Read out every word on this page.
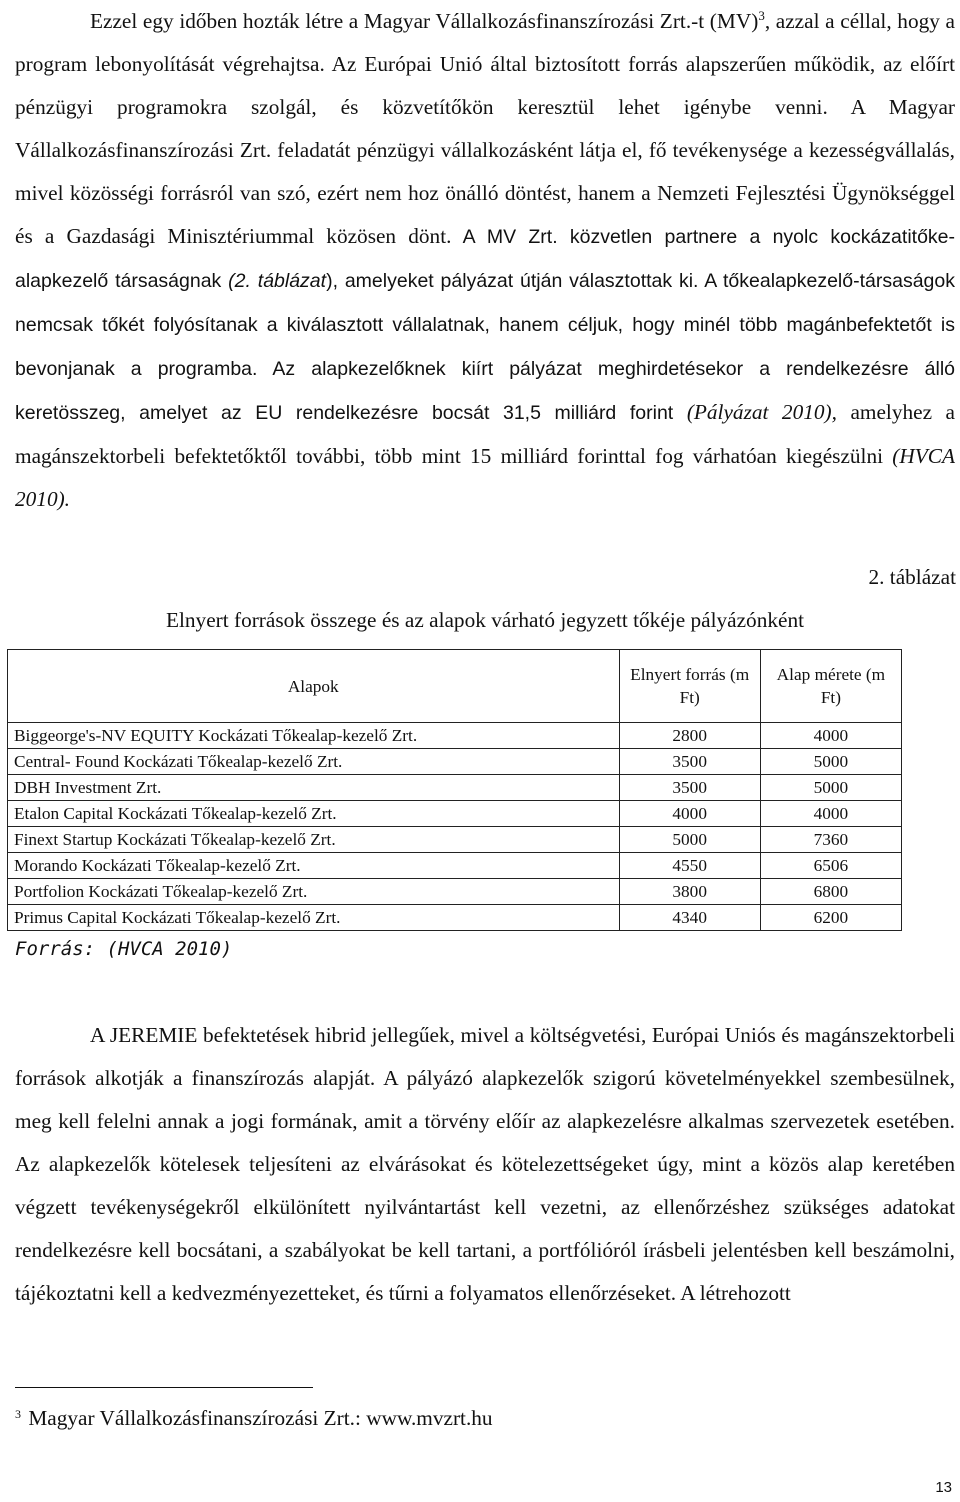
Ezzel egy időben hozták létre a Magyar Vállalkozásfinanszírozási Zrt.-t (MV)$^3$, azzal a céllal, hogy a program lebonyolítását végrehajtsa. Az Európai Unió által biztosított forrás alapszerűen működik, az előírt pénzügyi programokra szolgál, és közvetítőkön keresztül lehet igénybe venni. A Magyar Vállalkozásfinanszírozási Zrt. feladatát pénzügyi vállalkozásként látja el, fő tevékenysége a kezességvállalás, mivel közösségi forrásról van szó, ezért nem hoz önálló döntést, hanem a Nemzeti Fejlesztési Ügynökséggel és a Gazdasági Minisztériummal közösen dönt. A MV Zrt. közvetlen partnere a nyolc kockázatitőke-alapkezelő társaságnak (2. táblázat), amelyeket pályázat útján választottak ki. A tőkealapkezelő-társaságok nemcsak tőkét folyósítanak a kiválasztott vállalatnak, hanem céljuk, hogy minél több magánbefektetőt is bevonjanak a programba. Az alapkezelőknek kiírt pályázat meghirdetésekor a rendelkezésre álló keretösszeg, amelyet az EU rendelkezésre bocsát 31,5 milliárd forint (Pályázat 2010), amelyhez a magánszektorbeli befektetőktől további, több mint 15 milliárd forinttal fog várhatóan kiegészülni (HVCA 2010).

2. táblázat

Elnyert források összege és az alapok várható jegyzett tőkéje pályázónként

Alapok	Elnyert forrás (m Ft)	Alap mérete (m Ft)
Biggeorge's-NV EQUITY Kockázati Tőkealap-kezelő Zrt.	2800	4000
Central- Found Kockázati Tőkealap-kezelő Zrt.	3500	5000
DBH Investment Zrt.	3500	5000
Etalon Capital Kockázati Tőkealap-kezelő Zrt.	4000	4000
Finext Startup Kockázati Tőkealap-kezelő Zrt.	5000	7360
Morando Kockázati Tőkealap-kezelő Zrt.	4550	6506
Portfolion Kockázati Tőkealap-kezelő Zrt.	3800	6800
Primus Capital Kockázati Tőkealap-kezelő Zrt.	4340	6200

Forrás: (HVCA 2010)

A JEREMIE befektetések hibrid jellegűek, mivel a költségvetési, Európai Uniós és magánszektorbeli források alkotják a finanszírozás alapját. A pályázó alapkezelők szigorú követelményekkel szembesülnek, meg kell felelni annak a jogi formának, amit a törvény előír az alapkezelésre alkalmas szervezetek esetében. Az alapkezelők kötelesek teljesíteni az elvárásokat és kötelezettségeket úgy, mint a közös alap keretében végzett tevékenységekről elkülönített nyilvántartást kell vezetni, az ellenőrzéshez szükséges adatokat rendelkezésre kell bocsátani, a szabályokat be kell tartani, a portfólióról írásbeli jelentésben kell beszámolni, tájékoztatni kell a kedvezményezetteket, és tűrni a folyamatos ellenőrzéseket. A létrehozott

$^3$ Magyar Vállalkozásfinanszírozási Zrt.: www.mvzrt.hu

13
